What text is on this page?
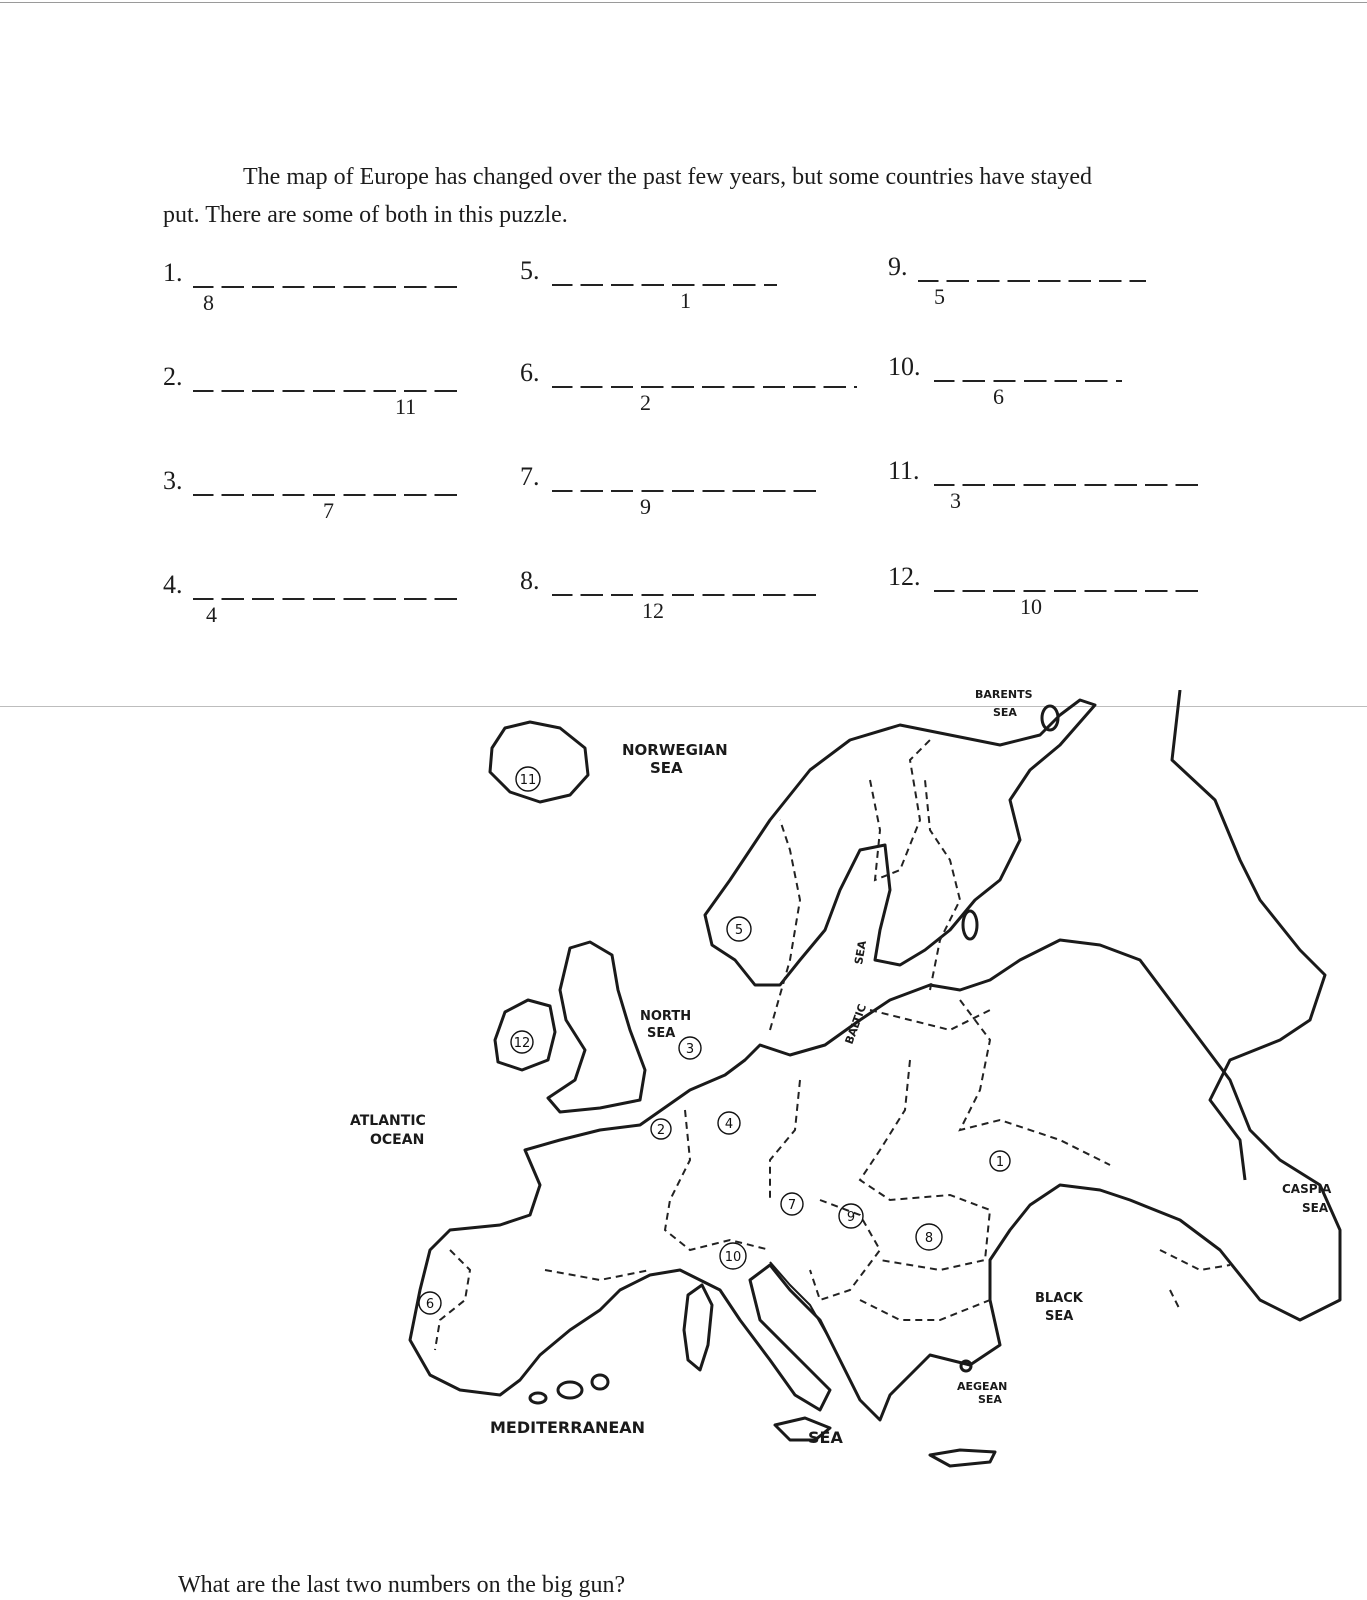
The map of Europe has changed over the past few years, but some countries have stayed
put. There are some of both in this puzzle.
1.
8
2.
11
3.
7
4.
4
5.
1
6.
2
7.
9
8.
12
9.
5
10.
6
11.
3
12.
10
NORWEGIAN
SEA
BARENTS
SEA
NORTH
SEA	BALTIC
SEA
ATLANTIC
OCEAN
CASPIA
SEA
BLACK
SEA
AEGEAN
SEA
MEDITERRANEAN
SEA
11
5
12	3
2	4
1
7
9
8
10
6
What are the last two numbers on the big gun?
